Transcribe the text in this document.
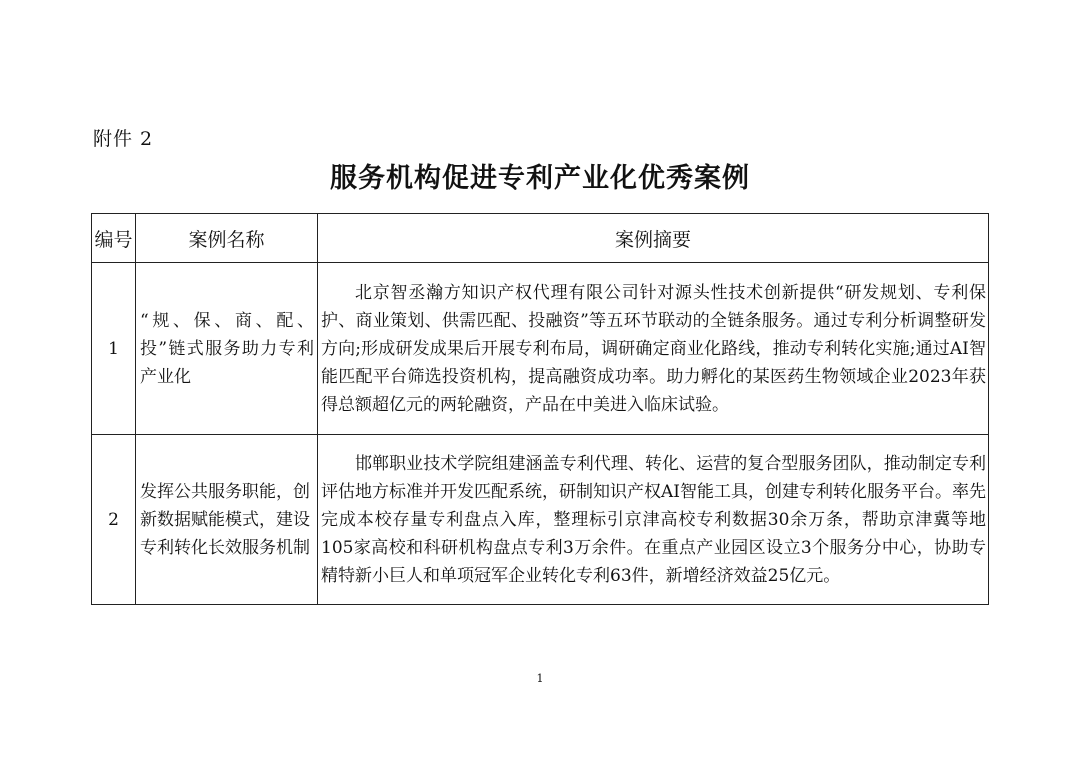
附件 2
服务机构促进专利产业化优秀案例
编号	案例名称	案例摘要
1	“规、保、商、配、投”链式服务助力专利产业化	北京智丞瀚方知识产权代理有限公司针对源头性技术创新提供“研发规划、专利保护、商业策划、供需匹配、投融资”等五环节联动的全链条服务。通过专利分析调整研发方向;形成研发成果后开展专利布局，调研确定商业化路线，推动专利转化实施;通过AI智能匹配平台筛选投资机构，提高融资成功率。助力孵化的某医药生物领域企业2023年获得总额超亿元的两轮融资，产品在中美进入临床试验。

2	发挥公共服务职能，创新数据赋能模式，建设专利转化长效服务机制	邯郸职业技术学院组建涵盖专利代理、转化、运营的复合型服务团队，推动制定专利评估地方标准并开发匹配系统，研制知识产权AI智能工具，创建专利转化服务平台。率先完成本校存量专利盘点入库，整理标引京津高校专利数据30余万条，帮助京津冀等地105家高校和科研机构盘点专利3万余件。在重点产业园区设立3个服务分中心，协助专精特新小巨人和单项冠军企业转化专利63件，新增经济效益25亿元。
1
